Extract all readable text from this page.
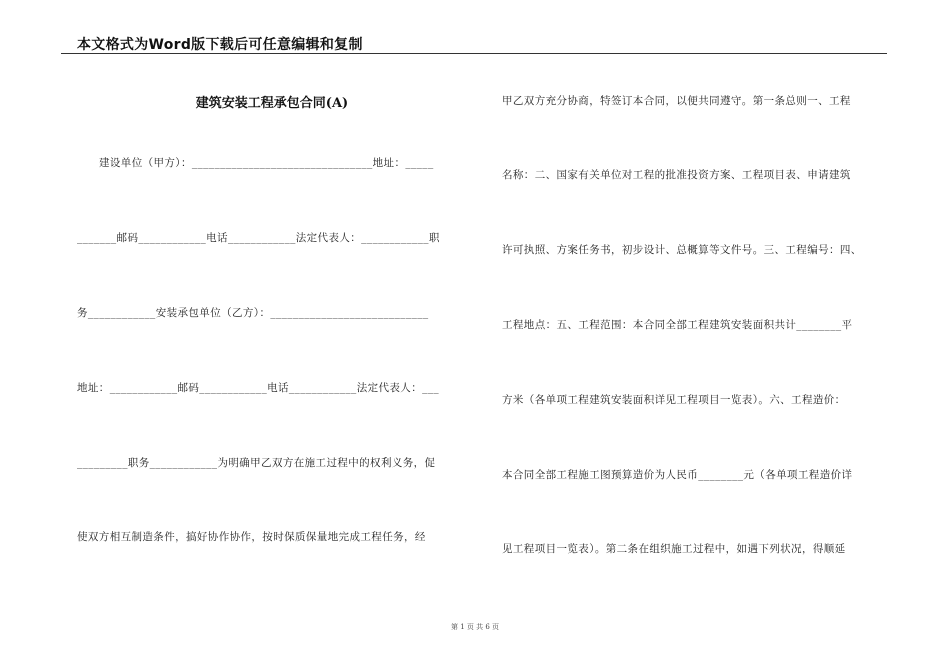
本文格式为Word版下载后可任意编辑和复制
建筑安装工程承包合同(A)
建设单位（甲方）：________________________________地址：_____
_______邮码____________电话____________法定代表人：____________职
务____________安装承包单位（乙方）：____________________________
地址：____________邮码____________电话____________法定代表人：___
_________职务____________为明确甲乙双方在施工过程中的权利义务，促
使双方相互制造条件，搞好协作协作，按时保质保量地完成工程任务，经
甲乙双方充分协商，特签订本合同，以便共同遵守。第一条总则一、工程
名称：二、国家有关单位对工程的批准投资方案、工程项目表、申请建筑
许可执照、方案任务书，初步设计、总概算等文件号。三、工程编号：四、
工程地点：五、工程范围：本合同全部工程建筑安装面积共计________平
方米（各单项工程建筑安装面积详见工程项目一览表）。六、工程造价：
本合同全部工程施工图预算造价为人民币________元（各单项工程造价详
见工程项目一览表）。第二条在组织施工过程中，如遇下列状况，得顺延
第 1 页 共 6 页
